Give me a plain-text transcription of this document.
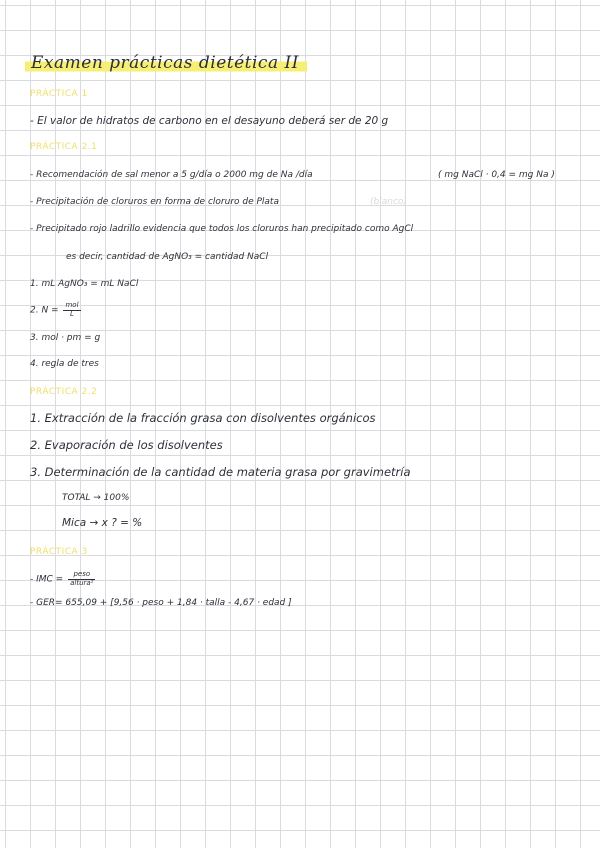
Examen prácticas dietética II
PRÁCTICA 1
- El valor de hidratos de carbono en el desayuno deberá ser de 20 g
PRÁCTICA 2.1
- Recomendación de sal menor a 5 g/día o 2000 mg de Na /día	( mg NaCl · 0,4 = mg Na )
- Precipitación de cloruros en forma de cloruro de Plata	(blanco)
- Precipitado rojo ladrillo evidencia que todos los cloruros han precipitado como AgCl
es decir, cantidad de AgNO₃ = cantidad NaCl
1. mL AgNO₃ = mL NaCl
2. $N = \frac{\text{mol}}{L}$
3. mol · pm = g
4. regla de tres
PRÁCTICA 2.2
1. Extracción de la fracción grasa con disolventes orgánicos
2. Evaporación de los disolventes
3. Determinación de la cantidad de materia grasa por gravimetría
TOTAL → 100%
Mica → x ? = %
PRÁCTICA 3
- IMC = $\frac{\text{peso}}{\text{altura²}}$
- GER= 655,09 + [9,56 · peso + 1,84 · talla - 4,67 · edad ]
